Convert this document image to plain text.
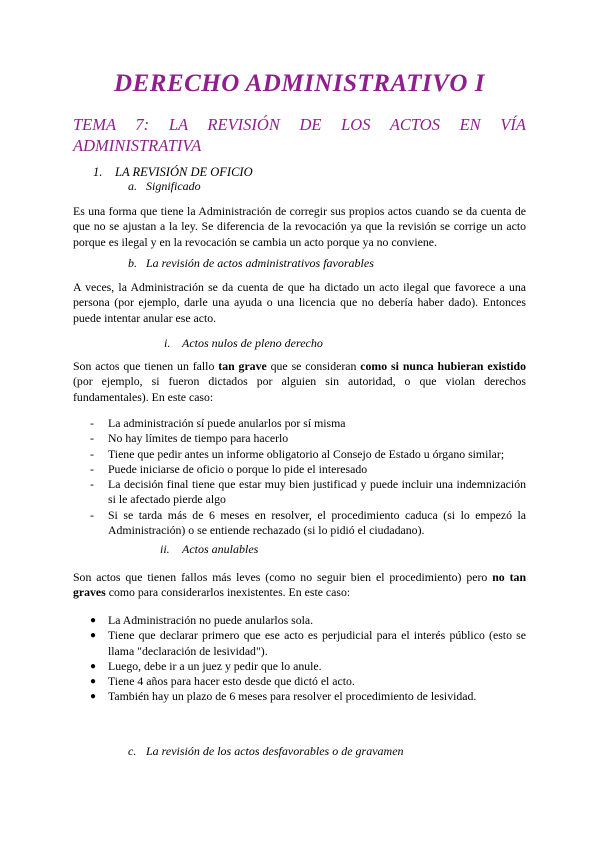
DERECHO ADMINISTRATIVO I
TEMA 7: LA REVISIÓN DE LOS ACTOS EN VÍA
ADMINISTRATIVA
1. LA REVISIÓN DE OFICIO
a. Significado

Es una forma que tiene la Administración de corregir sus propios actos cuando se da cuenta de que no se ajustan a la ley. Se diferencia de la revocación ya que la revisión se corrige un acto porque es ilegal y en la revocación se cambia un acto porque ya no conviene.

b. La revisión de actos administrativos favorables

A veces, la Administración se da cuenta de que ha dictado un acto ilegal que favorece a una persona (por ejemplo, darle una ayuda o una licencia que no debería haber dado). Entonces puede intentar anular ese acto.

i. Actos nulos de pleno derecho

Son actos que tienen un fallo tan grave que se consideran como si nunca hubieran existido (por ejemplo, si fueron dictados por alguien sin autoridad, o que violan derechos fundamentales). En este caso:

- La administración sí puede anularlos por sí misma
- No hay límites de tiempo para hacerlo
- Tiene que pedir antes un informe obligatorio al Consejo de Estado u órgano similar;
- Puede iniciarse de oficio o porque lo pide el interesado
- La decisión final tiene que estar muy bien justificad y puede incluir una indemnización si le afectado pierde algo
- Si se tarda más de 6 meses en resolver, el procedimiento caduca (si lo empezó la Administración) o se entiende rechazado (si lo pidió el ciudadano).
ii. Actos anulables

Son actos que tienen fallos más leves (como no seguir bien el procedimiento) pero no tan graves como para considerarlos inexistentes. En este caso:

● La Administración no puede anularlos sola.
● Tiene que declarar primero que ese acto es perjudicial para el interés público (esto se llama "declaración de lesividad").
● Luego, debe ir a un juez y pedir que lo anule.
● Tiene 4 años para hacer esto desde que dictó el acto.
● También hay un plazo de 6 meses para resolver el procedimiento de lesividad.
c. La revisión de los actos desfavorables o de gravamen
